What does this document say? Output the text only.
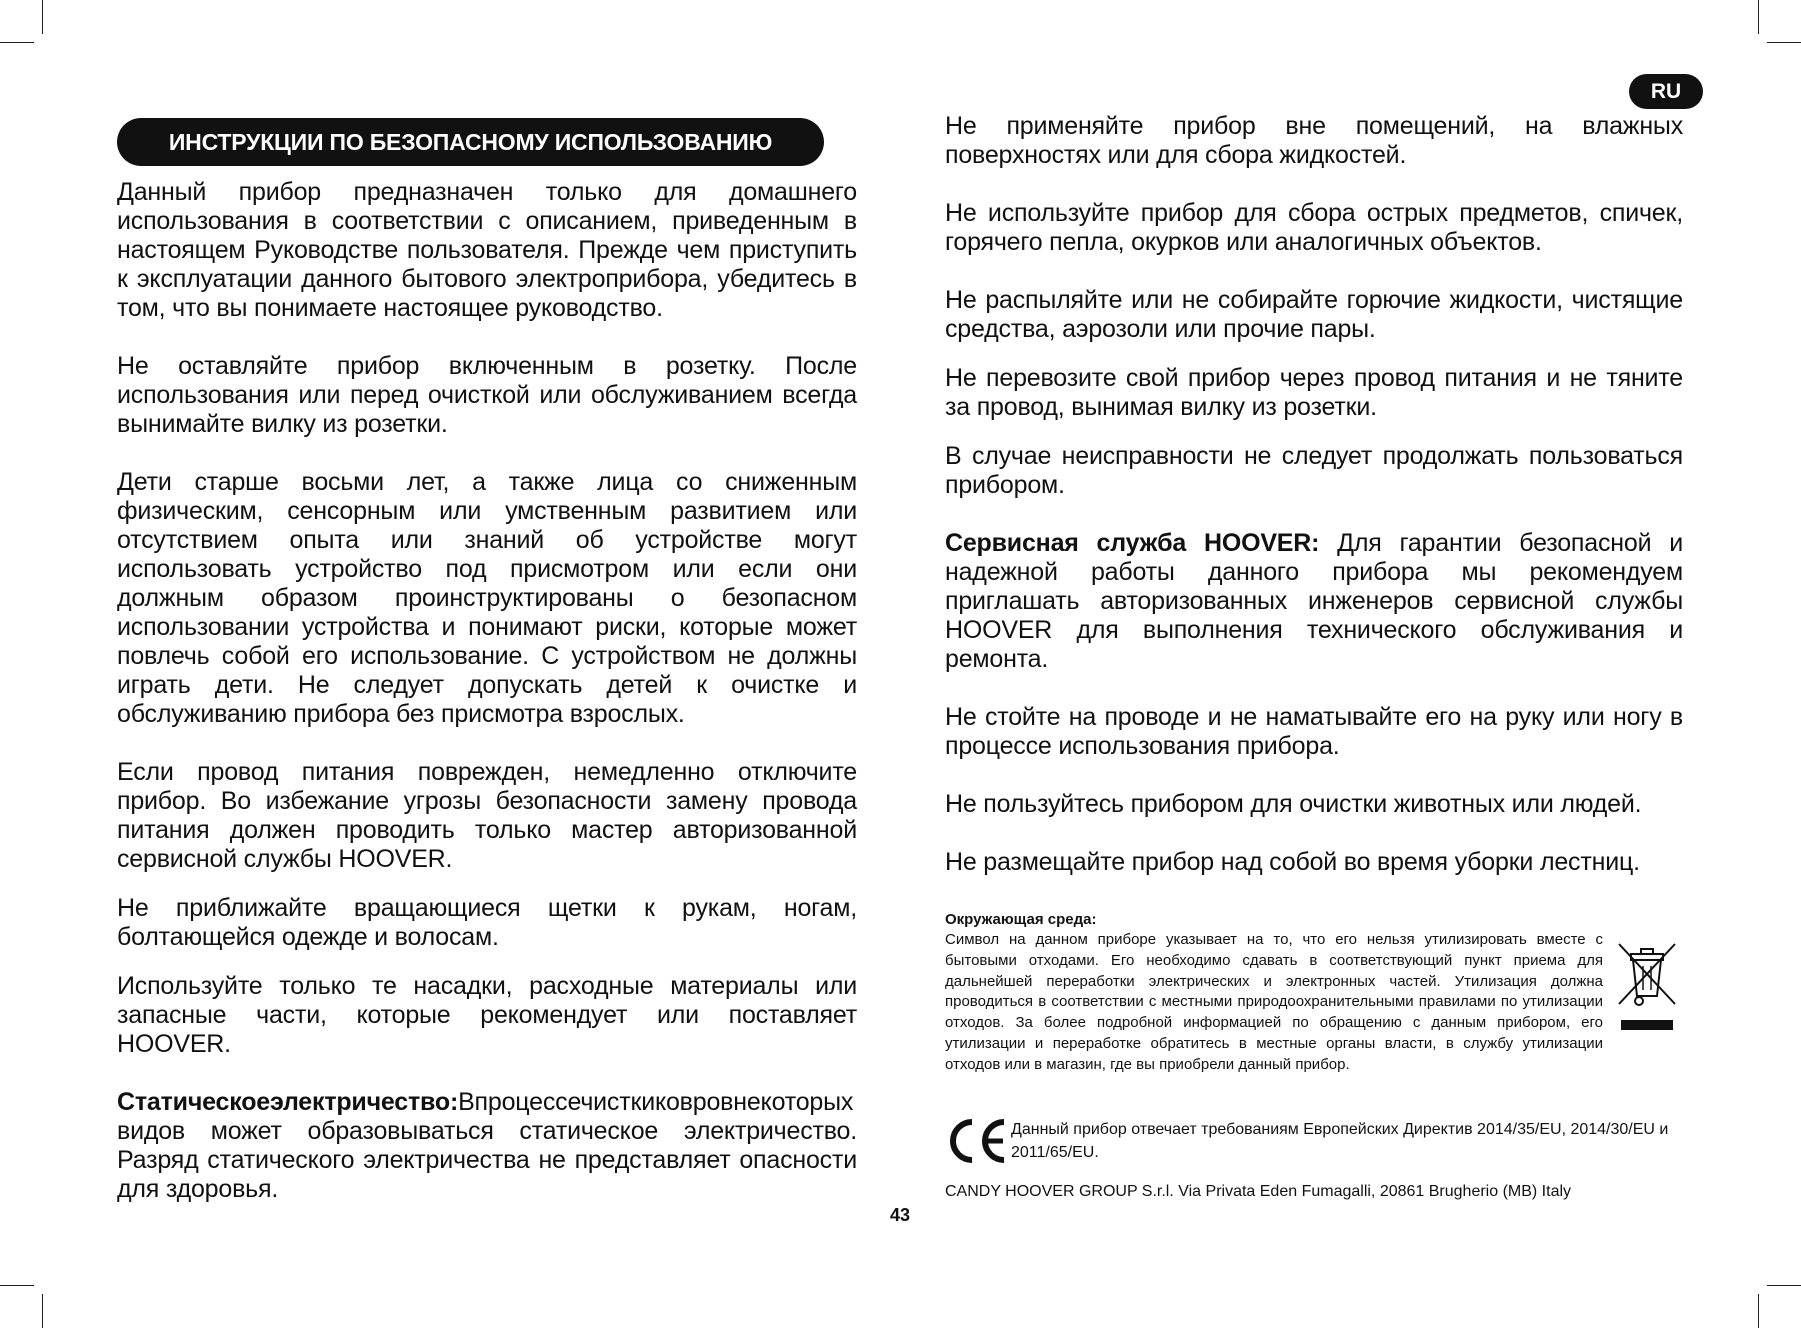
RU
ИНСТРУКЦИИ ПО БЕЗОПАСНОМУ ИСПОЛЬЗОВАНИЮ

Данный прибор предназначен только для домашнего использования в соответствии с описанием, приведенным в настоящем Руководстве пользователя. Прежде чем приступить к эксплуатации данного бытового электроприбора, убедитесь в том, что вы понимаете настоящее руководство.

Не оставляйте прибор включенным в розетку. После использования или перед очисткой или обслуживанием всегда вынимайте вилку из розетки.

Дети старше восьми лет, а также лица со сниженным физическим, сенсорным или умственным развитием или отсутствием опыта или знаний об устройстве могут использовать устройство под присмотром или если они должным образом проинструктированы о безопасном использовании устройства и понимают риски, которые может повлечь собой его использование. С устройством не должны играть дети. Не следует допускать детей к очистке и обслуживанию прибора без присмотра взрослых.

Если провод питания поврежден, немедленно отключите прибор. Во избежание угрозы безопасности замену провода питания должен проводить только мастер авторизованной сервисной службы HOOVER.

Не приближайте вращающиеся щетки к рукам, ногам, болтающейся одежде и волосам.

Используйте только те насадки, расходные материалы или запасные части, которые рекомендует или поставляет HOOVER.

Статическоеэлектричество:Впроцессечисткиковровнекоторых видов может образовываться статическое электричество. Разряд статического электричества не представляет опасности для здоровья.

Не применяйте прибор вне помещений, на влажных поверхностях или для сбора жидкостей.

Не используйте прибор для сбора острых предметов, спичек, горячего пепла, окурков или аналогичных объектов.

Не распыляйте или не собирайте горючие жидкости, чистящие средства, аэрозоли или прочие пары.

Не перевозите свой прибор через провод питания и не тяните за провод, вынимая вилку из розетки.

В случае неисправности не следует продолжать пользоваться прибором.

Сервисная служба HOOVER: Для гарантии безопасной и надежной работы данного прибора мы рекомендуем приглашать авторизованных инженеров сервисной службы HOOVER для выполнения технического обслуживания и ремонта.

Не стойте на проводе и не наматывайте его на руку или ногу в процессе использования прибора.

Не пользуйтесь прибором для очистки животных или людей.

Не размещайте прибор над собой во время уборки лестниц.

Окружающая среда:
Символ на данном приборе указывает на то, что его нельзя утилизировать вместе с бытовыми отходами. Его необходимо сдавать в соответствующий пункт приема для дальнейшей переработки электрических и электронных частей. Утилизация должна проводиться в соответствии с местными природоохранительными правилами по утилизации отходов. За более подробной информацией по обращению с данным прибором, его утилизации и переработке обратитесь в местные органы власти, в службу утилизации отходов или в магазин, где вы приобрели данный прибор.
Данный прибор отвечает требованиям Европейских Директив 2014/35/EU, 2014/30/EU и 2011/65/EU.
CANDY HOOVER GROUP S.r.l. Via Privata Eden Fumagalli, 20861 Brugherio (MB) Italy
43
